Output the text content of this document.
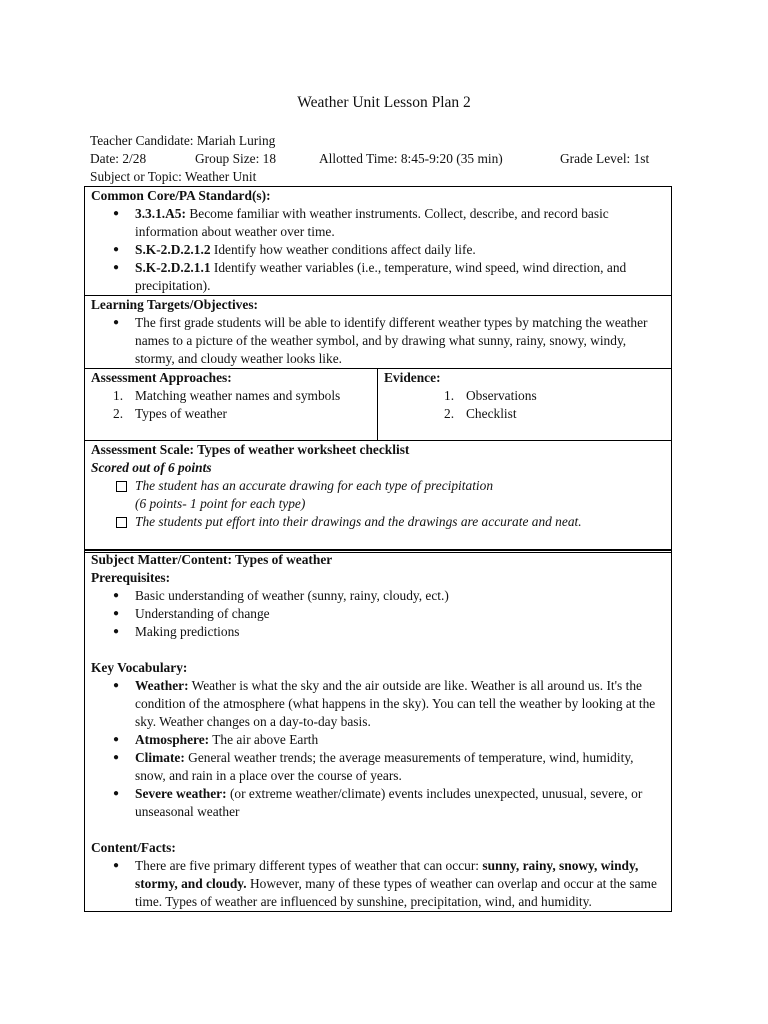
Weather Unit Lesson Plan 2
Teacher Candidate: Mariah Luring
Date: 2/28	Group Size: 18	Allotted Time: 8:45-9:20 (35 min)	Grade Level: 1st
Subject or Topic: Weather Unit
Common Core/PA Standard(s):
● 3.3.1.A5: Become familiar with weather instruments. Collect, describe, and record basic information about weather over time.
● S.K-2.D.2.1.2 Identify how weather conditions affect daily life.
● S.K-2.D.2.1.1 Identify weather variables (i.e., temperature, wind speed, wind direction, and precipitation).
Learning Targets/Objectives:
● The first grade students will be able to identify different weather types by matching the weather names to a picture of the weather symbol, and by drawing what sunny, rainy, snowy, windy, stormy, and cloudy weather looks like.
Assessment Approaches:
1. Matching weather names and symbols
2. Types of weather
Evidence:
1. Observations
2. Checklist
Assessment Scale: Types of weather worksheet checklist
Scored out of 6 points
The student has an accurate drawing for each type of precipitation
(6 points- 1 point for each type)
The students put effort into their drawings and the drawings are accurate and neat.
Subject Matter/Content: Types of weather
Prerequisites:
● Basic understanding of weather (sunny, rainy, cloudy, ect.)
● Understanding of change
● Making predictions
Key Vocabulary:
● Weather: Weather is what the sky and the air outside are like. Weather is all around us. It's the condition of the atmosphere (what happens in the sky). You can tell the weather by looking at the sky. Weather changes on a day-to-day basis.
● Atmosphere: The air above Earth
● Climate: General weather trends; the average measurements of temperature, wind, humidity, snow, and rain in a place over the course of years.
● Severe weather: (or extreme weather/climate) events includes unexpected, unusual, severe, or unseasonal weather
Content/Facts:
● There are five primary different types of weather that can occur: sunny, rainy, snowy, windy, stormy, and cloudy. However, many of these types of weather can overlap and occur at the same time. Types of weather are influenced by sunshine, precipitation, wind, and humidity.
